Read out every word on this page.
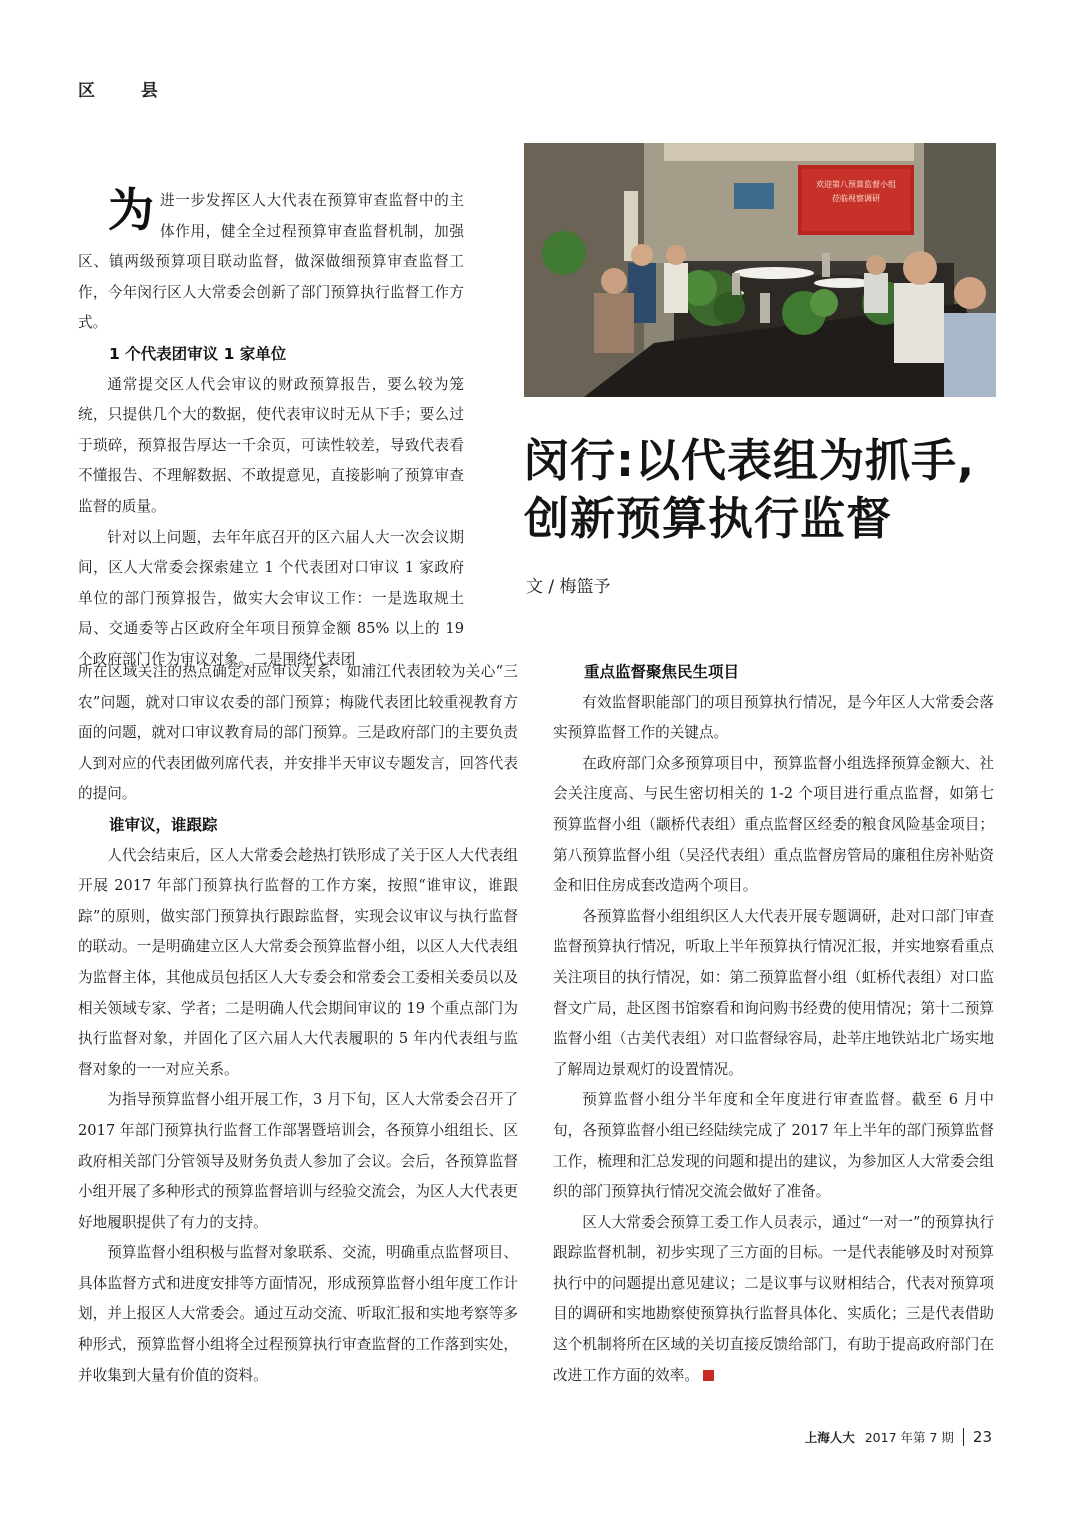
区 县

为进一步发挥区人大代表在预算审查监督中的主体作用，健全全过程预算审查监督机制，加强区、镇两级预算项目联动监督，做深做细预算审查监督工作，今年闵行区人大常委会创新了部门预算执行监督工作方式。

1 个代表团审议 1 家单位

通常提交区人代会审议的财政预算报告，要么较为笼统，只提供几个大的数据，使代表审议时无从下手；要么过于琐碎，预算报告厚达一千余页，可读性较差，导致代表看不懂报告、不理解数据、不敢提意见，直接影响了预算审查监督的质量。

针对以上问题，去年年底召开的区六届人大一次会议期间，区人大常委会探索建立 1 个代表团对口审议 1 家政府单位的部门预算报告，做实大会审议工作：一是选取规土局、交通委等占区政府全年项目预算金额 85% 以上的 19 个政府部门作为审议对象。二是围绕代表团

欢迎第八预算监督小组
莅临视察调研
闵行:以代表组为抓手,
创新预算执行监督
文 / 梅篮予

所在区域关注的热点确定对应审议关系，如浦江代表团较为关心“三农”问题，就对口审议农委的部门预算；梅陇代表团比较重视教育方面的问题，就对口审议教育局的部门预算。三是政府部门的主要负责人到对应的代表团做列席代表，并安排半天审议专题发言，回答代表的提问。

谁审议，谁跟踪

人代会结束后，区人大常委会趁热打铁形成了关于区人大代表组开展 2017 年部门预算执行监督的工作方案，按照“谁审议，谁跟踪”的原则，做实部门预算执行跟踪监督，实现会议审议与执行监督的联动。一是明确建立区人大常委会预算监督小组，以区人大代表组为监督主体，其他成员包括区人大专委会和常委会工委相关委员以及相关领域专家、学者；二是明确人代会期间审议的 19 个重点部门为执行监督对象，并固化了区六届人大代表履职的 5 年内代表组与监督对象的一一对应关系。

为指导预算监督小组开展工作，3 月下旬，区人大常委会召开了 2017 年部门预算执行监督工作部署暨培训会，各预算小组组长、区政府相关部门分管领导及财务负责人参加了会议。会后，各预算监督小组开展了多种形式的预算监督培训与经验交流会，为区人大代表更好地履职提供了有力的支持。

预算监督小组积极与监督对象联系、交流，明确重点监督项目、具体监督方式和进度安排等方面情况，形成预算监督小组年度工作计划，并上报区人大常委会。通过互动交流、听取汇报和实地考察等多种形式，预算监督小组将全过程预算执行审查监督的工作落到实处，并收集到大量有价值的资料。

重点监督聚焦民生项目

有效监督职能部门的项目预算执行情况，是今年区人大常委会落实预算监督工作的关键点。

在政府部门众多预算项目中，预算监督小组选择预算金额大、社会关注度高、与民生密切相关的 1-2 个项目进行重点监督，如第七预算监督小组（颛桥代表组）重点监督区经委的粮食风险基金项目；第八预算监督小组（吴泾代表组）重点监督房管局的廉租住房补贴资金和旧住房成套改造两个项目。

各预算监督小组组织区人大代表开展专题调研，赴对口部门审查监督预算执行情况，听取上半年预算执行情况汇报，并实地察看重点关注项目的执行情况，如：第二预算监督小组（虹桥代表组）对口监督文广局，赴区图书馆察看和询问购书经费的使用情况；第十二预算监督小组（古美代表组）对口监督绿容局，赴莘庄地铁站北广场实地了解周边景观灯的设置情况。

预算监督小组分半年度和全年度进行审查监督。截至 6 月中旬，各预算监督小组已经陆续完成了 2017 年上半年的部门预算监督工作，梳理和汇总发现的问题和提出的建议，为参加区人大常委会组织的部门预算执行情况交流会做好了准备。

区人大常委会预算工委工作人员表示，通过“一对一”的预算执行跟踪监督机制，初步实现了三方面的目标。一是代表能够及时对预算执行中的问题提出意见建议；二是议事与议财相结合，代表对预算项目的调研和实地勘察使预算执行监督具体化、实质化；三是代表借助这个机制将所在区域的关切直接反馈给部门，有助于提高政府部门在改进工作方面的效率。

上海人大 2017 年第 7 期 23
